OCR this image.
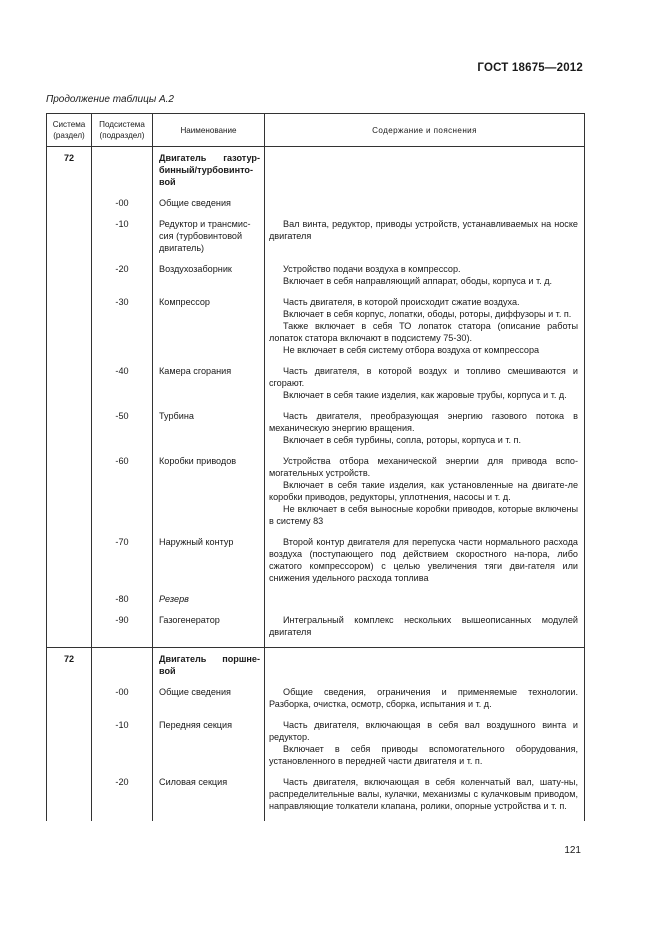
ГОСТ 18675—2012
Продолжение таблицы А.2
Система (раздел)	Подсистема (подраздел)	Наименование	Содержание и пояснения
72		Двигатель газотур-бинный/турбовинто-вой	
	-00	Общие сведения	
	-10	Редуктор и трансмис-сия (турбовинтовой двигатель)	Вал винта, редуктор, приводы устройств, устанавливаемых на носке двигателя

	-20	Воздухозаборник	Устройство подачи воздуха в компрессор.
Включает в себя направляющий аппарат, ободы, корпуса и т. д.

	-30	Компрессор	Часть двигателя, в которой происходит сжатие воздуха.
Включает в себя корпус, лопатки, ободы, роторы, диффузоры и т. п.
Также включает в себя ТО лопаток статора (описание работы лопаток статора включают в подсистему 75-30).
Не включает в себя систему отбора воздуха от компрессора

	-40	Камера сгорания	Часть двигателя, в которой воздух и топливо смешиваются и сгорают.
Включает в себя такие изделия, как жаровые трубы, корпуса и т. д.

	-50	Турбина	Часть двигателя, преобразующая энергию газового потока в механическую энергию вращения.
Включает в себя турбины, сопла, роторы, корпуса и т. п.

	-60	Коробки приводов	Устройства отбора механической энергии для привода вспо-могательных устройств.
Включает в себя такие изделия, как установленные на двигате-ле коробки приводов, редукторы, уплотнения, насосы и т. д.
Не включает в себя выносные коробки приводов, которые включены в систему 83

	-70	Наружный контур	Второй контур двигателя для перепуска части нормального расхода воздуха (поступающего под действием скоростного на-пора, либо сжатого компрессором) с целью увеличения тяги дви-гателя или снижения удельного расхода топлива

	-80	Резерв	
	-90	Газогенератор	Интегральный комплекс нескольких вышеописанных модулей двигателя

72		Двигатель поршне-вой	
	-00	Общие сведения	Общие сведения, ограничения и применяемые технологии. Разборка, очистка, осмотр, сборка, испытания и т. д.

	-10	Передняя секция	Часть двигателя, включающая в себя вал воздушного винта и редуктор.
Включает в себя приводы вспомогательного оборудования, установленного в передней части двигателя и т. п.

	-20	Силовая секция	Часть двигателя, включающая в себя коленчатый вал, шату-ны, распределительные валы, кулачки, механизмы с кулачковым приводом, направляющие толкатели клапана, ролики, опорные устройства и т. п.

121
